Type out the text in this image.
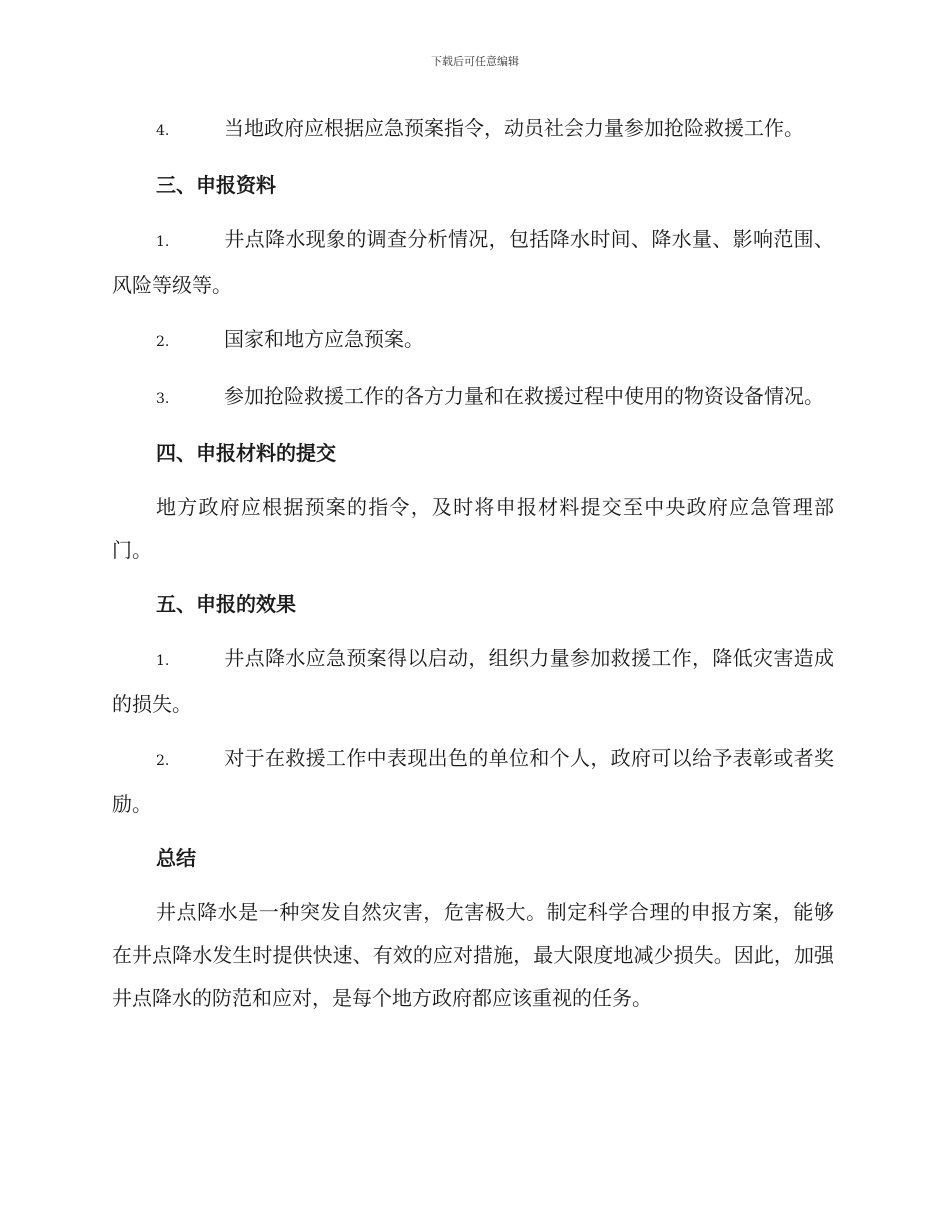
下载后可任意编辑
4.	当地政府应根据应急预案指令，动员社会力量参加抢险救援工作。
三、申报资料
1.	井点降水现象的调查分析情况，包括降水时间、降水量、影响范围、风险等级等。
2.	国家和地方应急预案。
3.	参加抢险救援工作的各方力量和在救援过程中使用的物资设备情况。
四、申报材料的提交
地方政府应根据预案的指令，及时将申报材料提交至中央政府应急管理部门。
五、申报的效果
1.	井点降水应急预案得以启动，组织力量参加救援工作，降低灾害造成的损失。
2.	对于在救援工作中表现出色的单位和个人，政府可以给予表彰或者奖励。
总结
井点降水是一种突发自然灾害，危害极大。制定科学合理的申报方案，能够在井点降水发生时提供快速、有效的应对措施，最大限度地减少损失。因此，加强井点降水的防范和应对，是每个地方政府都应该重视的任务。
